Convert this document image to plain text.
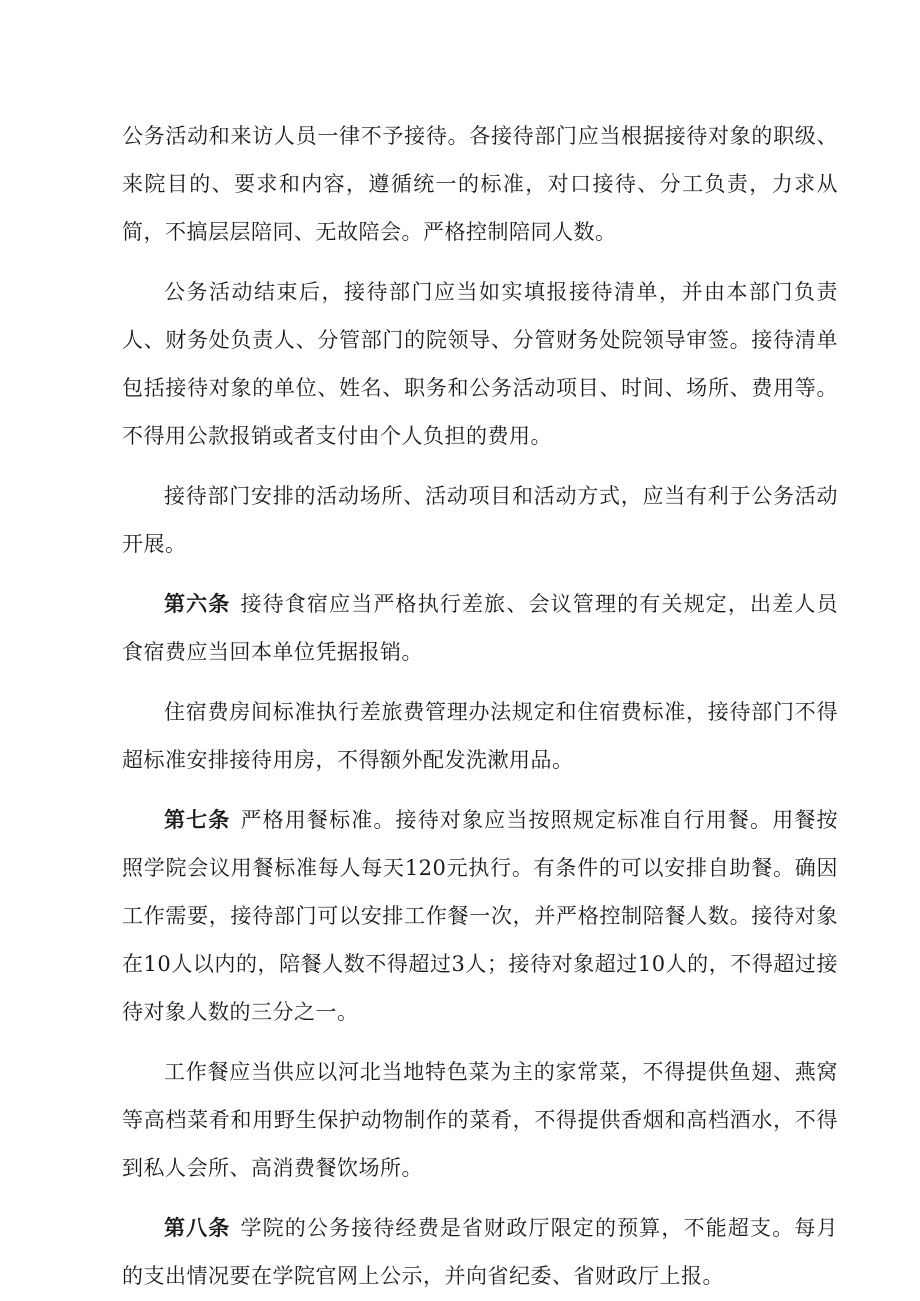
公务活动和来访人员一律不予接待。各接待部门应当根据接待对象的职级、来院目的、要求和内容，遵循统一的标准，对口接待、分工负责，力求从简，不搞层层陪同、无故陪会。严格控制陪同人数。

公务活动结束后，接待部门应当如实填报接待清单，并由本部门负责人、财务处负责人、分管部门的院领导、分管财务处院领导审签。接待清单包括接待对象的单位、姓名、职务和公务活动项目、时间、场所、费用等。不得用公款报销或者支付由个人负担的费用。

接待部门安排的活动场所、活动项目和活动方式，应当有利于公务活动开展。

第六条 接待食宿应当严格执行差旅、会议管理的有关规定，出差人员食宿费应当回本单位凭据报销。

住宿费房间标准执行差旅费管理办法规定和住宿费标准，接待部门不得超标准安排接待用房，不得额外配发洗漱用品。

第七条 严格用餐标准。接待对象应当按照规定标准自行用餐。用餐按照学院会议用餐标准每人每天120元执行。有条件的可以安排自助餐。确因工作需要，接待部门可以安排工作餐一次，并严格控制陪餐人数。接待对象在10人以内的，陪餐人数不得超过3人；接待对象超过10人的，不得超过接待对象人数的三分之一。

工作餐应当供应以河北当地特色菜为主的家常菜，不得提供鱼翅、燕窝等高档菜肴和用野生保护动物制作的菜肴，不得提供香烟和高档酒水，不得到私人会所、高消费餐饮场所。

第八条 学院的公务接待经费是省财政厅限定的预算，不能超支。每月的支出情况要在学院官网上公示，并向省纪委、省财政厅上报。
